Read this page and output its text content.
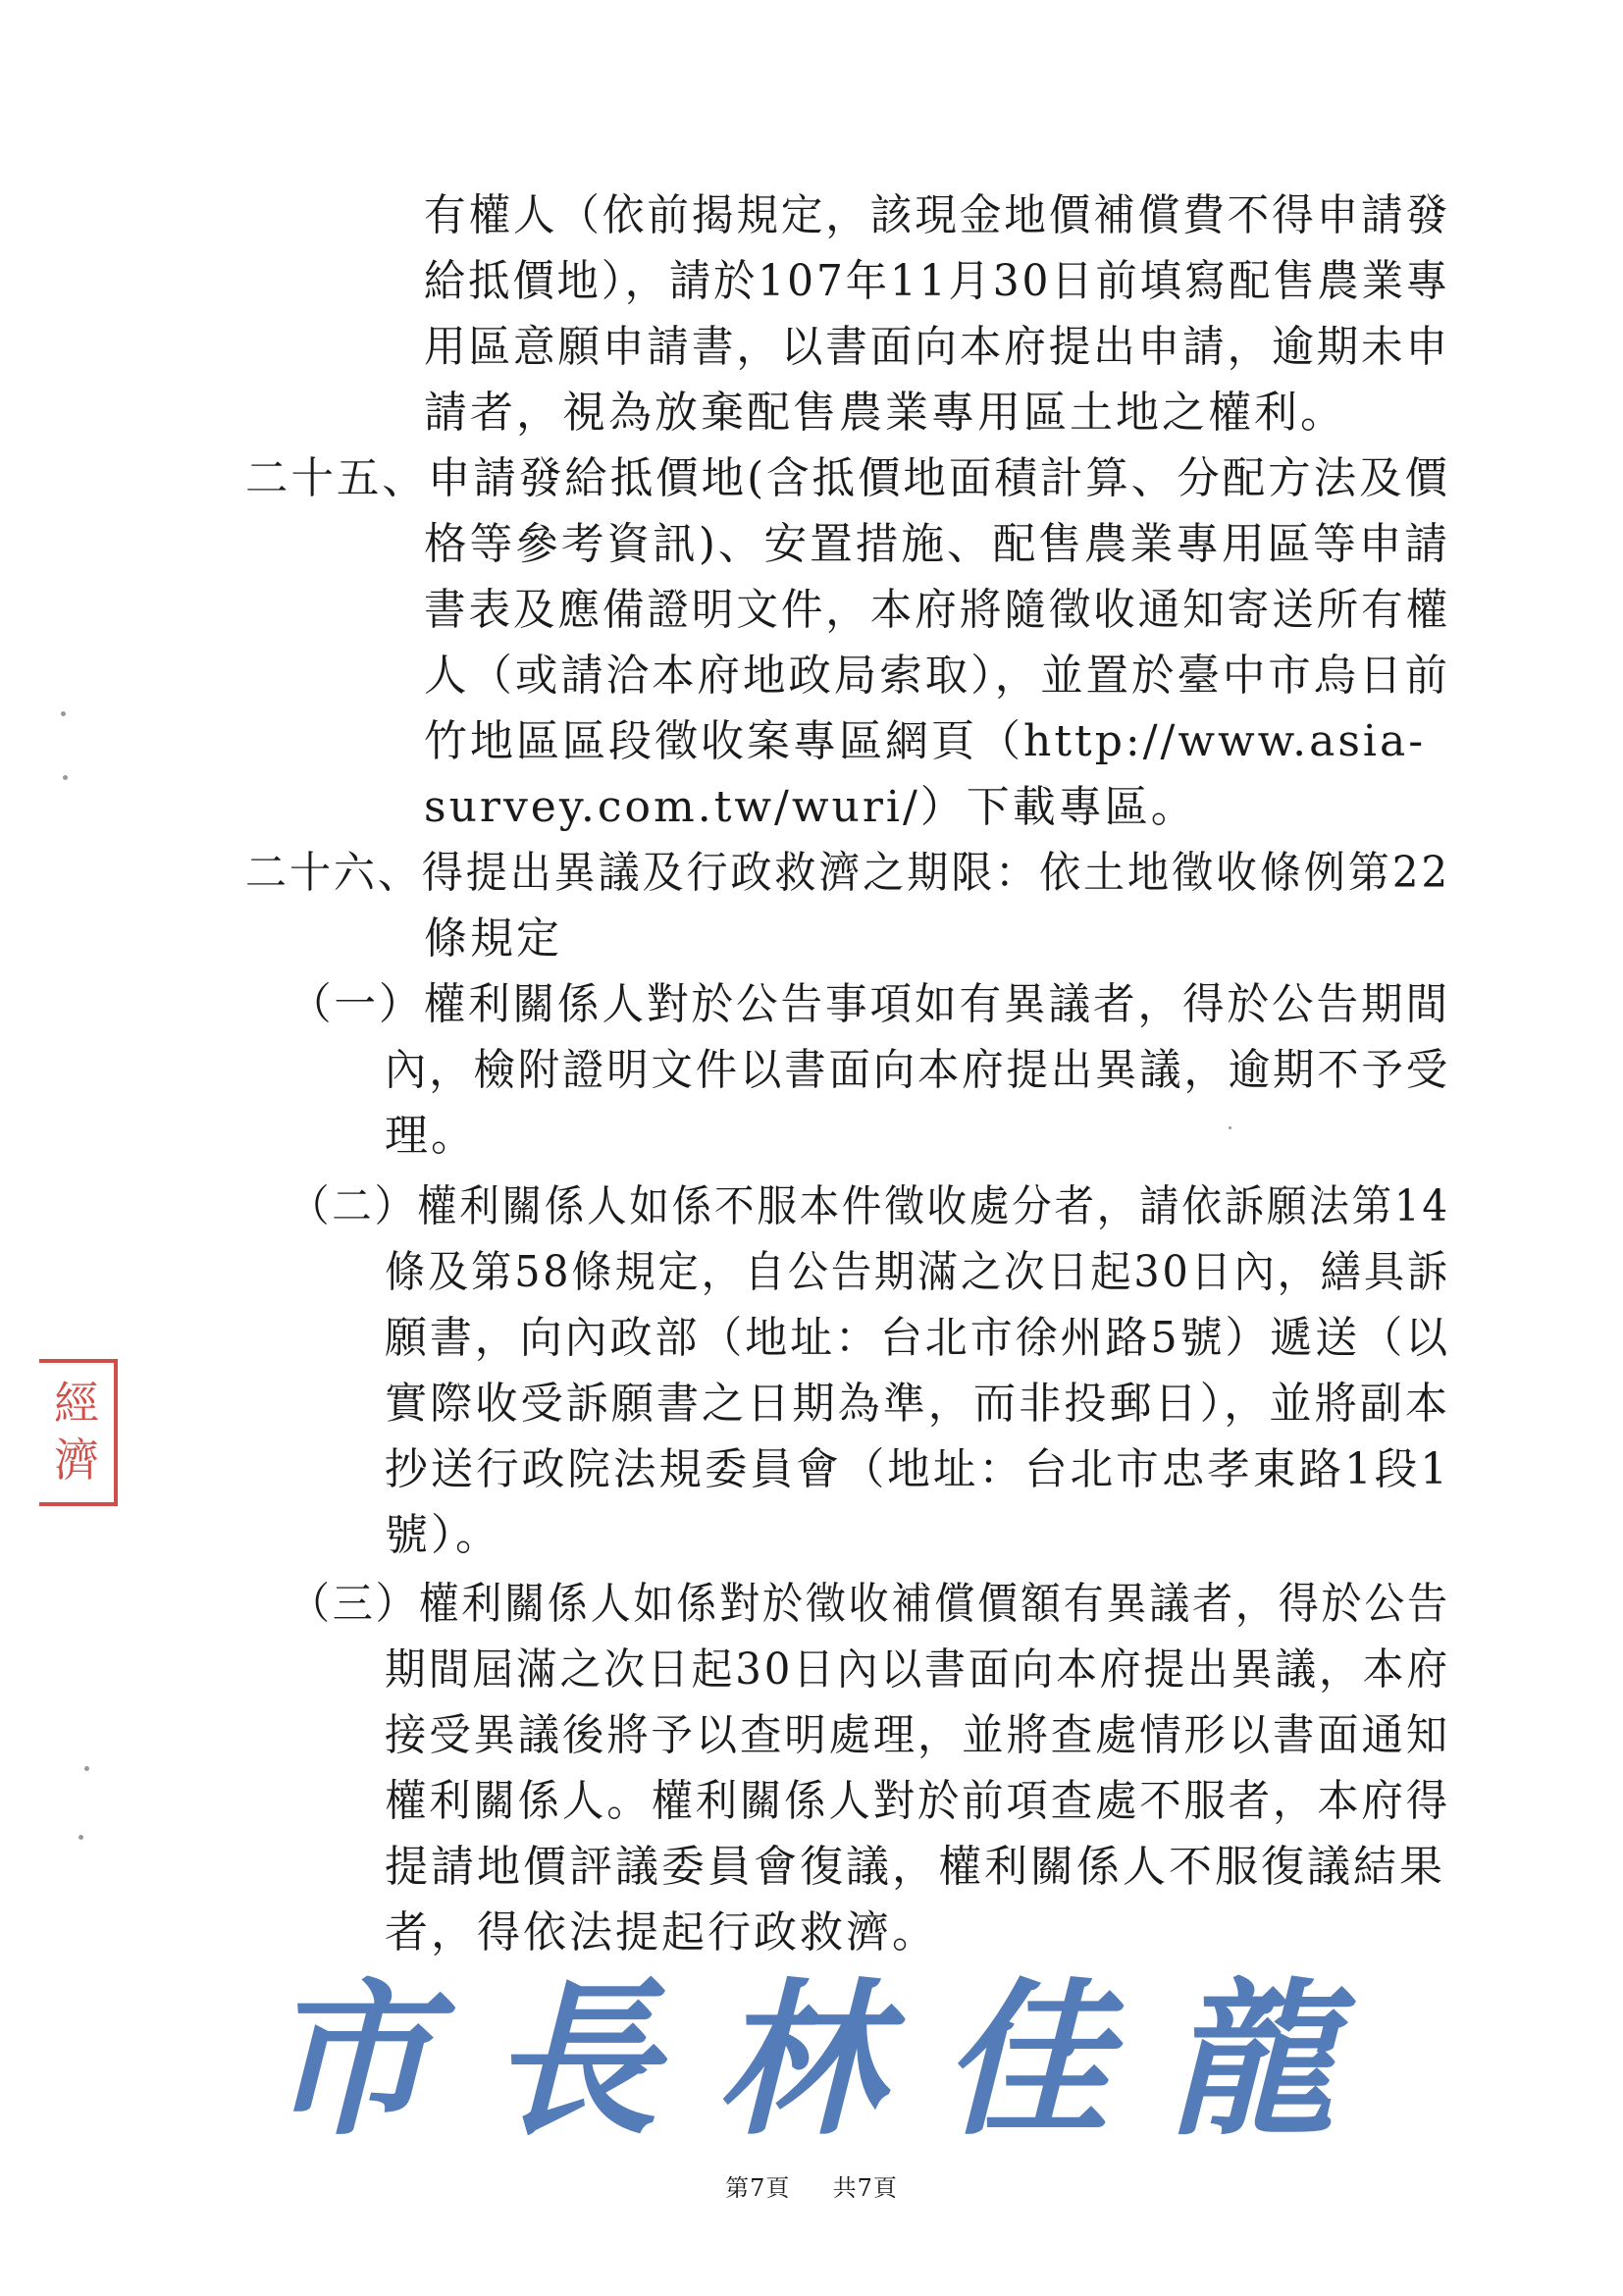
有權人（依前揭規定，該現金地價補償費不得申請發
給抵價地），請於107年11月30日前填寫配售農業專
用區意願申請書，以書面向本府提出申請，逾期未申
請者，視為放棄配售農業專用區土地之權利。
二十五、申請發給抵價地(含抵價地面積計算、分配方法及價
格等參考資訊)、安置措施、配售農業專用區等申請
書表及應備證明文件，本府將隨徵收通知寄送所有權
人（或請洽本府地政局索取），並置於臺中市烏日前
竹地區區段徵收案專區網頁（http://www.asia-
survey.com.tw/wuri/）下載專區。
二十六、得提出異議及行政救濟之期限：依土地徵收條例第22
條規定
（一）權利關係人對於公告事項如有異議者，得於公告期間
內，檢附證明文件以書面向本府提出異議，逾期不予受
理。
（二）權利關係人如係不服本件徵收處分者，請依訴願法第14
條及第58條規定，自公告期滿之次日起30日內，繕具訴
願書，向內政部（地址：台北市徐州路5號）遞送（以
實際收受訴願書之日期為準，而非投郵日），並將副本
抄送行政院法規委員會（地址：台北市忠孝東路1段1
號）。
（三）權利關係人如係對於徵收補償價額有異議者，得於公告
期間屆滿之次日起30日內以書面向本府提出異議，本府
接受異議後將予以查明處理，並將查處情形以書面通知
權利關係人。權利關係人對於前項查處不服者，本府得
提請地價評議委員會復議，權利關係人不服復議結果
者，得依法提起行政救濟。
經濟
市長林佳龍
第7頁 共7頁
